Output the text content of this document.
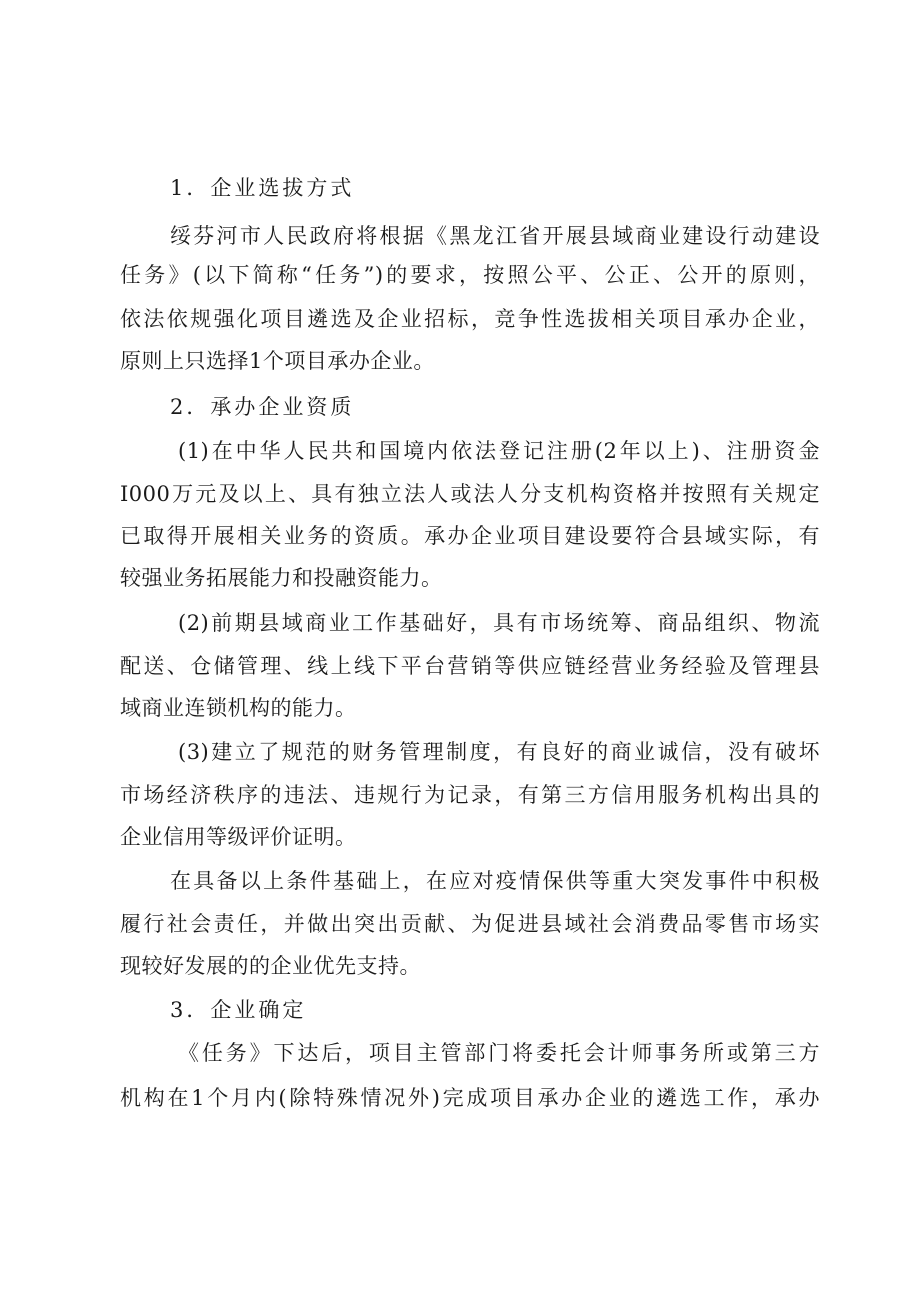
1．企业选拔方式
绥芬河市人民政府将根据《黑龙江省开展县域商业建设行动建设
任务》(以下简称“任务”)的要求，按照公平、公正、公开的原则，
依法依规强化项目遴选及企业招标，竞争性选拔相关项目承办企业，
原则上只选择1个项目承办企业。
2．承办企业资质
(1)在中华人民共和国境内依法登记注册(2年以上)、注册资金
I000万元及以上、具有独立法人或法人分支机构资格并按照有关规定
已取得开展相关业务的资质。承办企业项目建设要符合县域实际，有
较强业务拓展能力和投融资能力。
(2)前期县域商业工作基础好，具有市场统筹、商品组织、物流
配送、仓储管理、线上线下平台营销等供应链经营业务经验及管理县
域商业连锁机构的能力。
(3)建立了规范的财务管理制度，有良好的商业诚信，没有破坏
市场经济秩序的违法、违规行为记录，有第三方信用服务机构出具的
企业信用等级评价证明。
在具备以上条件基础上，在应对疫情保供等重大突发事件中积极
履行社会责任，并做出突出贡献、为促进县域社会消费品零售市场实
现较好发展的的企业优先支持。
3．企业确定
《任务》下达后，项目主管部门将委托会计师事务所或第三方
机构在1个月内(除特殊情况外)完成项目承办企业的遴选工作，承办
